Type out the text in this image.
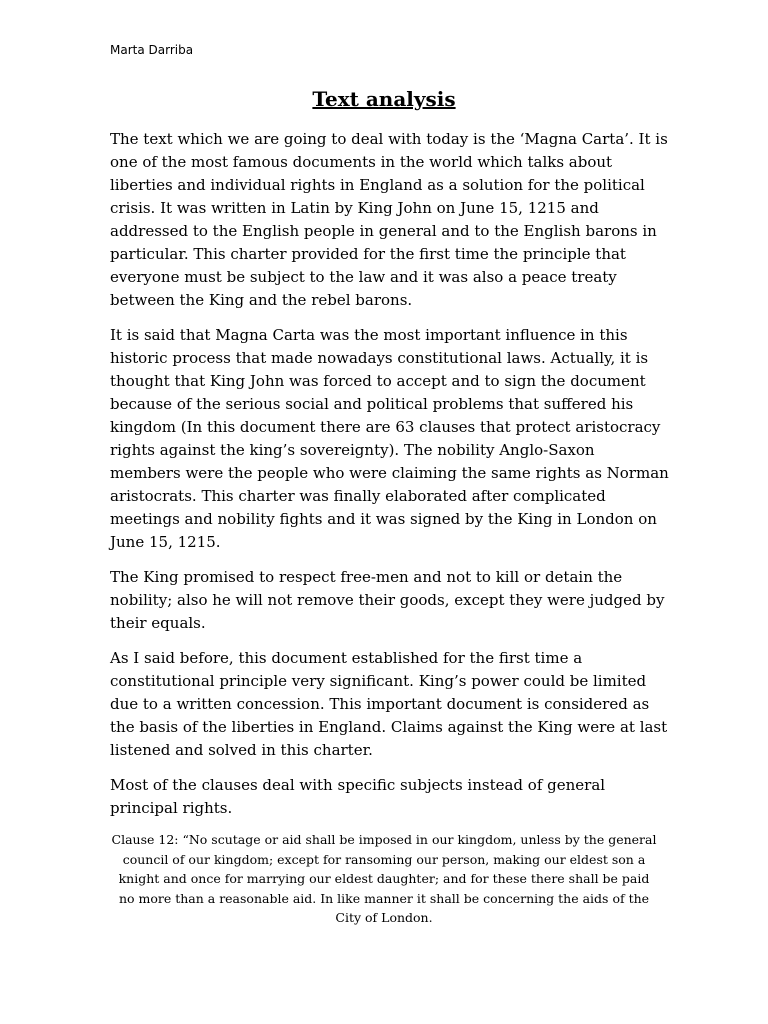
Marta Darriba
Text analysis

The text which we are going to deal with today is the ‘Magna Carta’. It is one of the most famous documents in the world which talks about liberties and individual rights in England as a solution for the political crisis. It was written in Latin by King John on June 15, 1215 and addressed to the English people in general and to the English barons in particular. This charter provided for the first time the principle that everyone must be subject to the law and it was also a peace treaty between the King and the rebel barons.

It is said that Magna Carta was the most important influence in this historic process that made nowadays constitutional laws. Actually, it is thought that King John was forced to accept and to sign the document because of the serious social and political problems that suffered his kingdom (In this document there are 63 clauses that protect aristocracy rights against the king’s sovereignty). The nobility Anglo-Saxon members were the people who were claiming the same rights as Norman aristocrats. This charter was finally elaborated after complicated meetings and nobility fights and it was signed by the King in London on June 15, 1215.

The King promised to respect free-men and not to kill or detain the nobility; also he will not remove their goods, except they were judged by their equals.

As I said before, this document established for the first time a constitutional principle very significant. King’s power could be limited due to a written concession. This important document is considered as the basis of the liberties in England. Claims against the King were at last listened and solved in this charter.

Most of the clauses deal with specific subjects instead of general principal rights.

Clause 12: “No scutage or aid shall be imposed in our kingdom, unless by the general council of our kingdom; except for ransoming our person, making our eldest son a knight and once for marrying our eldest daughter; and for these there shall be paid no more than a reasonable aid. In like manner it shall be concerning the aids of the City of London.
